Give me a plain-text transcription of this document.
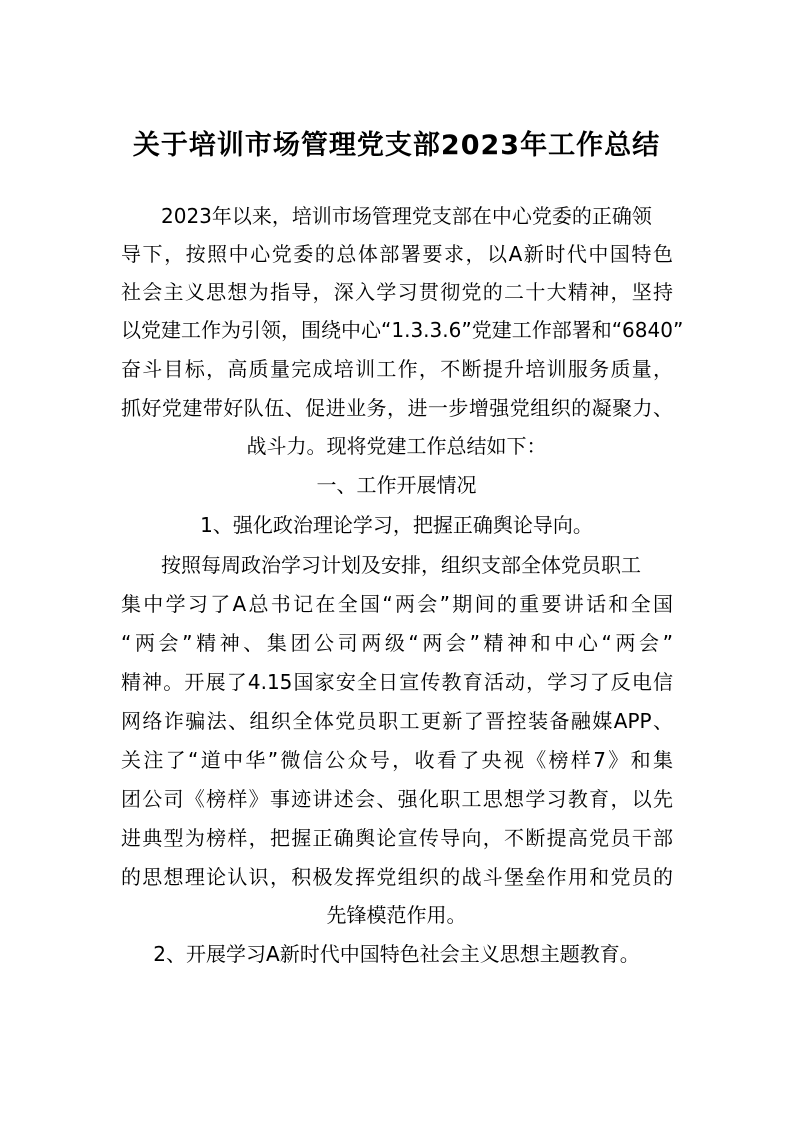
关于培训市场管理党支部2023年工作总结
2023年以来，培训市场管理党支部在中心党委的正确领
导下，按照中心党委的总体部署要求，以A新时代中国特色
社会主义思想为指导，深入学习贯彻党的二十大精神，坚持
以党建工作为引领，围绕中心“1.3.3.6”党建工作部署和“6840”
奋斗目标，高质量完成培训工作，不断提升培训服务质量，
抓好党建带好队伍、促进业务，进一步增强党组织的凝聚力、
战斗力。现将党建工作总结如下：
一、工作开展情况
1、强化政治理论学习，把握正确舆论导向。
按照每周政治学习计划及安排，组织支部全体党员职工
集中学习了A总书记在全国“两会”期间的重要讲话和全国
“两会”精神、集团公司两级“两会”精神和中心“两会”
精神。开展了4.15国家安全日宣传教育活动，学习了反电信
网络诈骗法、组织全体党员职工更新了晋控装备融媒APP、
关注了“道中华”微信公众号，收看了央视《榜样7》和集
团公司《榜样》事迹讲述会、强化职工思想学习教育，以先
进典型为榜样，把握正确舆论宣传导向，不断提高党员干部
的思想理论认识，积极发挥党组织的战斗堡垒作用和党员的
先锋模范作用。
2、开展学习A新时代中国特色社会主义思想主题教育。
